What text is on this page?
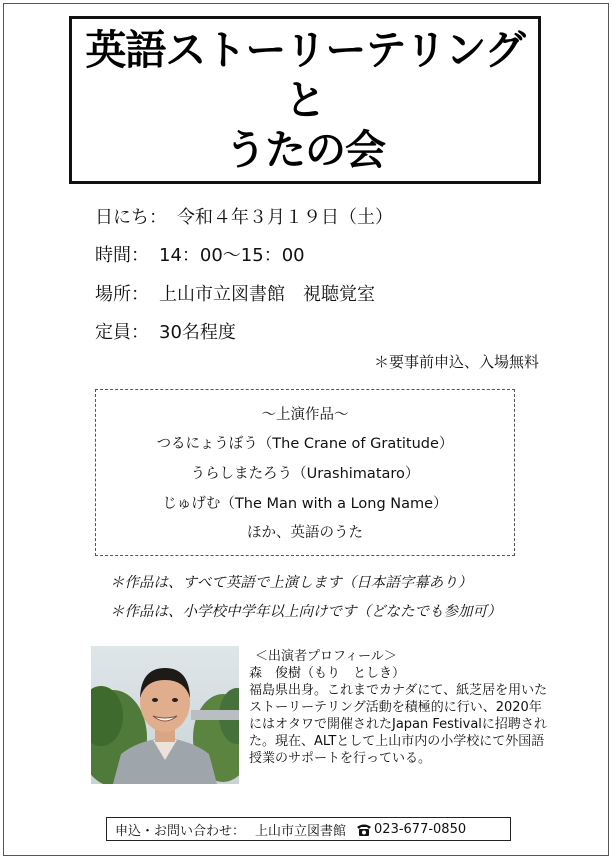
英語ストーリーテリング
と
うたの会
日にち： 令和４年３月１９日（土）
時間： 14：00〜15：00
場所： 上山市立図書館　視聴覚室
定員： 30名程度
＊要事前申込、入場無料
〜上演作品〜
つるにょうぼう（The Crane of Gratitude）
うらしまたろう（Urashimataro）
じゅげむ（The Man with a Long Name）
ほか、英語のうた
＊作品は、すべて英語で上演します（日本語字幕あり）
＊作品は、小学校中学年以上向けです（どなたでも参加可）
＜出演者プロフィール＞
森　俊樹（もり　としき）
福島県出身。これまでカナダにて、紙芝居を用いたストーリーテリング活動を積極的に行い、2020年にはオタワで開催されたJapan Festivalに招聘された。現在、ALTとして上山市内の小学校にて外国語授業のサポートを行っている。
申込・お問い合わせ： 上山市立図書館 023-677-0850
